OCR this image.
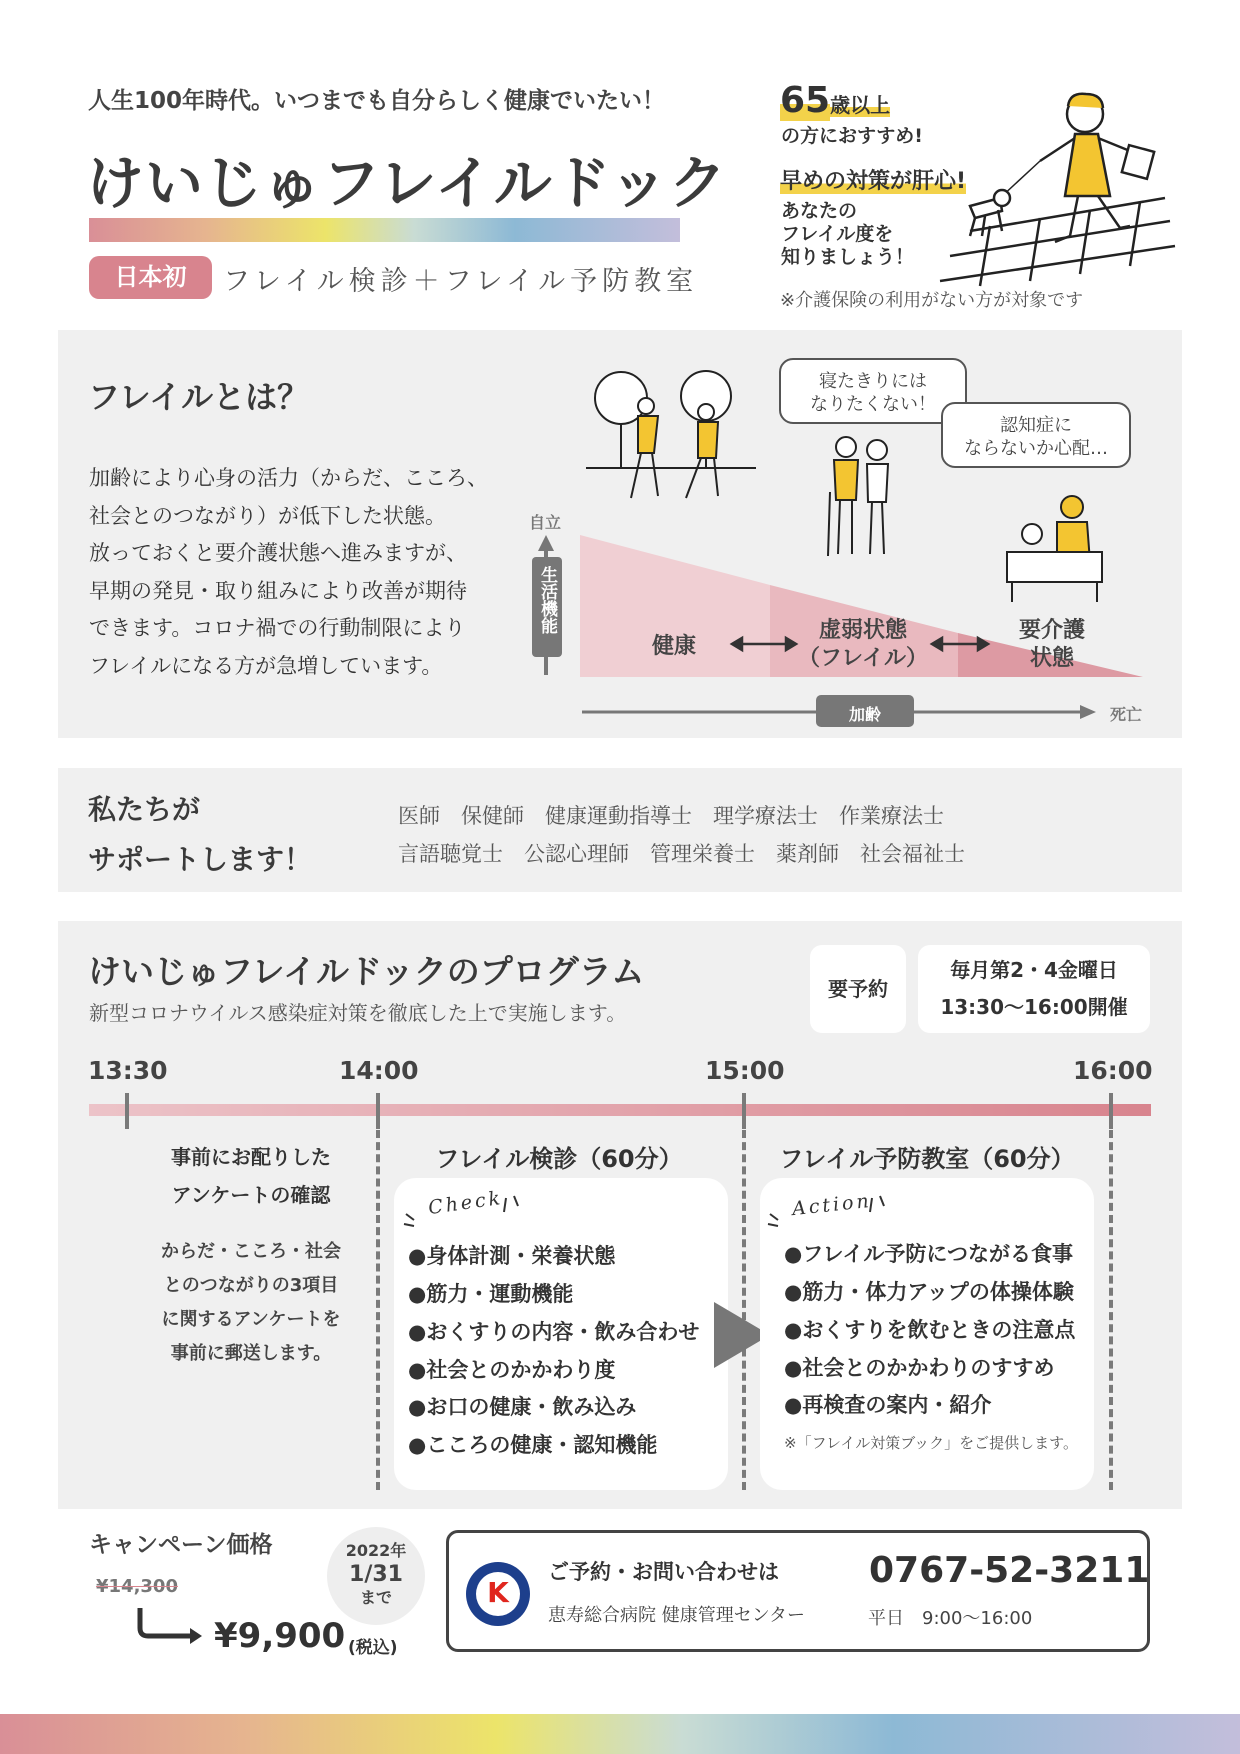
人生100年時代。いつまでも自分らしく健康でいたい！
けいじゅフレイルドック
日本初	フレイル検診＋フレイル予防教室
65歳以上
の方におすすめ!
早めの対策が肝心!
あなたの
フレイル度を
知りましょう！
※介護保険の利用がない方が対象です
フレイルとは？
加齢により心身の活力（からだ、こころ、
社会とのつながり）が低下した状態。
放っておくと要介護状態へ進みますが、
早期の発見・取り組みにより改善が期待
できます。コロナ禍での行動制限により
フレイルになる方が急増しています。
寝たきりには
なりたくない！
認知症に
ならないか心配…
自立
生活機能
健康
虚弱状態
（フレイル）
要介護
状態
加齢	死亡
私たちが
サポートします！
医師　保健師　健康運動指導士　理学療法士　作業療法士
言語聴覚士　公認心理師　管理栄養士　薬剤師　社会福祉士
けいじゅフレイルドックのプログラム
新型コロナウイルス感染症対策を徹底した上で実施します。
要予約
毎月第2・4金曜日
13:30～16:00開催
13:30	14:00	15:00	16:00
事前にお配りした
アンケートの確認
からだ・こころ・社会
とのつながりの3項目
に関するアンケートを
事前に郵送します。
フレイル検診（60分）
Check
●身体計測・栄養状態
●筋力・運動機能
●おくすりの内容・飲み合わせ
●社会とのかかわり度
●お口の健康・飲み込み
●こころの健康・認知機能
フレイル予防教室（60分）
Action
●フレイル予防につながる食事
●筋力・体力アップの体操体験
●おくすりを飲むときの注意点
●社会とのかかわりのすすめ
●再検査の案内・紹介
※「フレイル対策ブック」をご提供します。
キャンペーン価格
¥14,300
¥9,900 (税込)
2022年
1/31
まで	K
ご予約・お問い合わせは
恵寿総合病院 健康管理センター
0767-52-3211
平日　9:00～16:00
